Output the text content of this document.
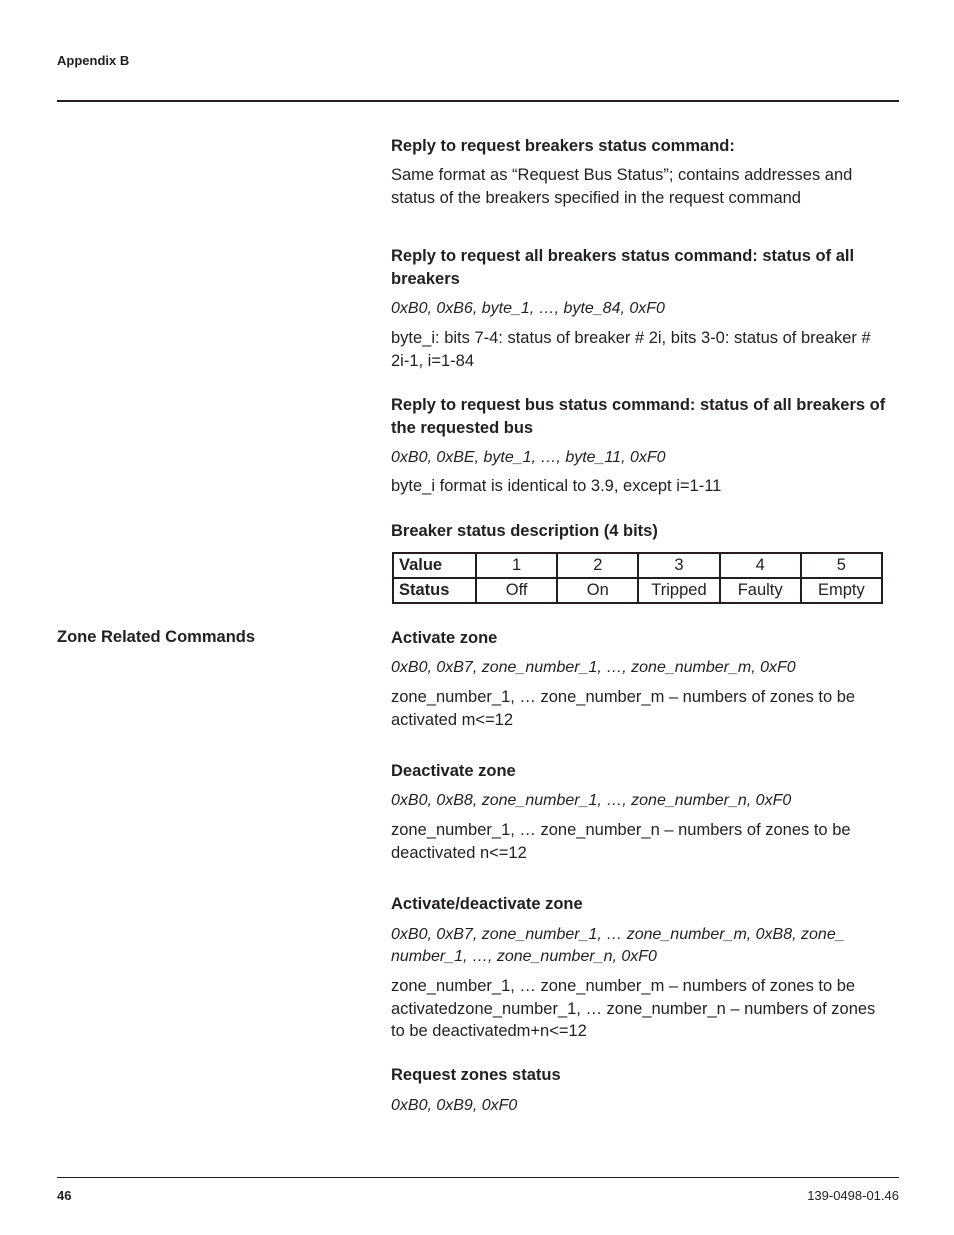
Appendix B
Zone Related Commands
Reply to request breakers status command:
Same format as “Request Bus Status”; contains addresses and status of the breakers specified in the request command
Reply to request all breakers status command: status of all breakers
0xB0, 0xB6, byte_1, …, byte_84, 0xF0
byte_i: bits 7-4: status of breaker # 2i, bits 3-0: status of breaker # 2i-1, i=1-84
Reply to request bus status command: status of all breakers of the requested bus
0xB0, 0xBE, byte_1, …, byte_11, 0xF0
byte_i format is identical to 3.9, except i=1-11
Breaker status description (4 bits)
Activate zone
0xB0, 0xB7, zone_number_1, …, zone_number_m, 0xF0
zone_number_1, … zone_number_m – numbers of zones to be activated m<=12
Deactivate zone
0xB0, 0xB8, zone_number_1, …, zone_number_n, 0xF0
zone_number_1, … zone_number_n – numbers of zones to be deactivated n<=12
Activate/deactivate zone
0xB0, 0xB7, zone_number_1, … zone_number_m, 0xB8, zone_ number_1, …, zone_number_n, 0xF0
zone_number_1, … zone_number_m – numbers of zones to be activatedzone_number_1, … zone_number_n – numbers of zones to be deactivatedm+n<=12
Request zones status
0xB0, 0xB9, 0xF0
Value	1	2	3	4	5
Status	Off	On	Tripped	Faulty	Empty
46	139-0498-01.46
